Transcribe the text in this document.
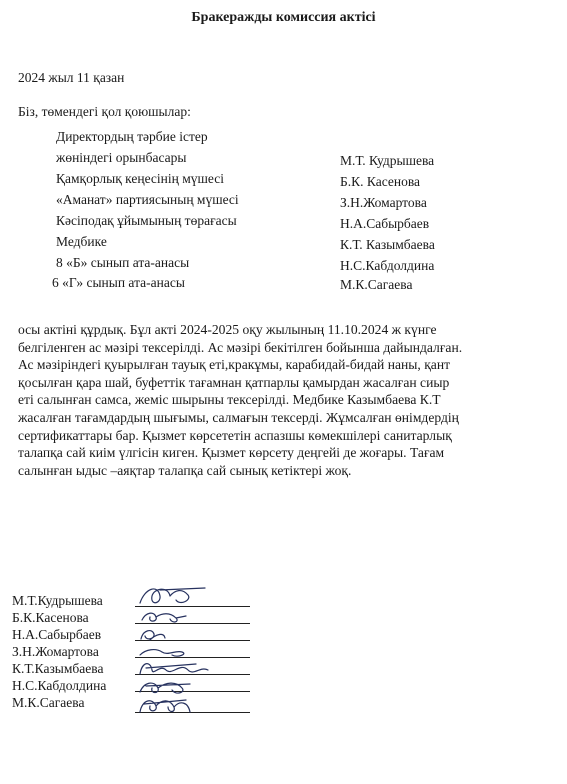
Бракеражды комиссия актісі
2024 жыл 11 қазан
Біз, төмендегі қол қоюшылар:
Директордың тәрбие істер
жөніндегі орынбасары
Қамқорлық кеңесінің мүшесі
«Аманат» партиясының мүшесі
Кәсіподақ ұйымының төрағасы
Медбике
8 «Б» сынып ата-анасы
6 «Г» сынып ата-анасы
М.Т. Кудрышева
Б.К. Касенова
З.Н.Жомартова
Н.А.Сабырбаев
К.Т. Казымбаева
Н.С.Кабдолдина
М.К.Сагаева
осы актіні құрдық. Бұл акті 2024-2025 оқу жылының 11.10.2024 ж күнге
белгіленген ас мәзірі тексерілді. Ас мәзірі бекітілген бойынша дайындалған.
Ас мәзіріндегі қуырылған тауық еті,кракұмы, карабидай-бидай наны, қант
қосылған қара шай, буфеттік тағамнан қатпарлы қамырдан жасалған сиыр
еті салынған самса, жеміс шырыны тексерілді. Медбике Казымбаева К.Т
жасалған тағамдардың шығымы, салмағын тексерді. Жұмсалған өнімдердің
сертификаттары бар. Қызмет көрсететін аспазшы көмекшілері санитарлық
талапқа сай киім үлгісін киген. Қызмет көрсету деңгейі де жоғары. Тағам
салынған ыдыс –аяқтар талапқа сай сынық кетіктері жоқ.
М.Т.Кудрышева
Б.К.Касенова
Н.А.Сабырбаев
З.Н.Жомартова
К.Т.Казымбаева
Н.С.Кабдолдина
М.К.Сагаева
